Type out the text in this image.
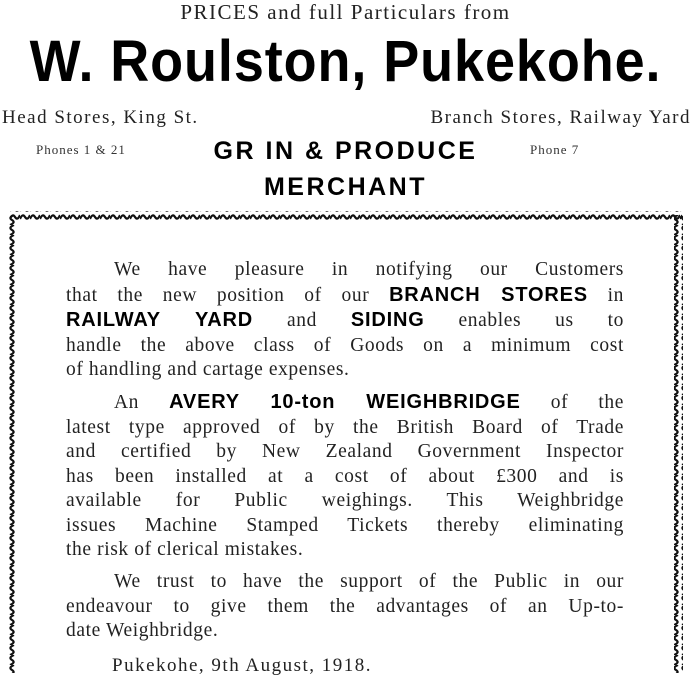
PRICES and full Particulars from

W. Roulston, Pukekohe.

Head Stores, King St.	Branch Stores, Railway Yard

Phones 1 & 21	Phone 7

GR IN & PRODUCE

MERCHANT

We have pleasure in notifying our Customers
that the new position of our BRANCH STORES in
RAILWAY YARD and SIDING enables us to
handle the above class of Goods on a minimum cost
of handling and cartage expenses.
An AVERY 10-ton WEIGHBRIDGE of the
latest type approved of by the British Board of Trade
and certified by New Zealand Government Inspector
has been installed at a cost of about £300 and is
available for Public weighings. This Weighbridge
issues Machine Stamped Tickets thereby eliminating
the risk of clerical mistakes.
We trust to have the support of the Public in our
endeavour to give them the advantages of an Up-to-
date Weighbridge.

Pukekohe, 9th August, 1918.
